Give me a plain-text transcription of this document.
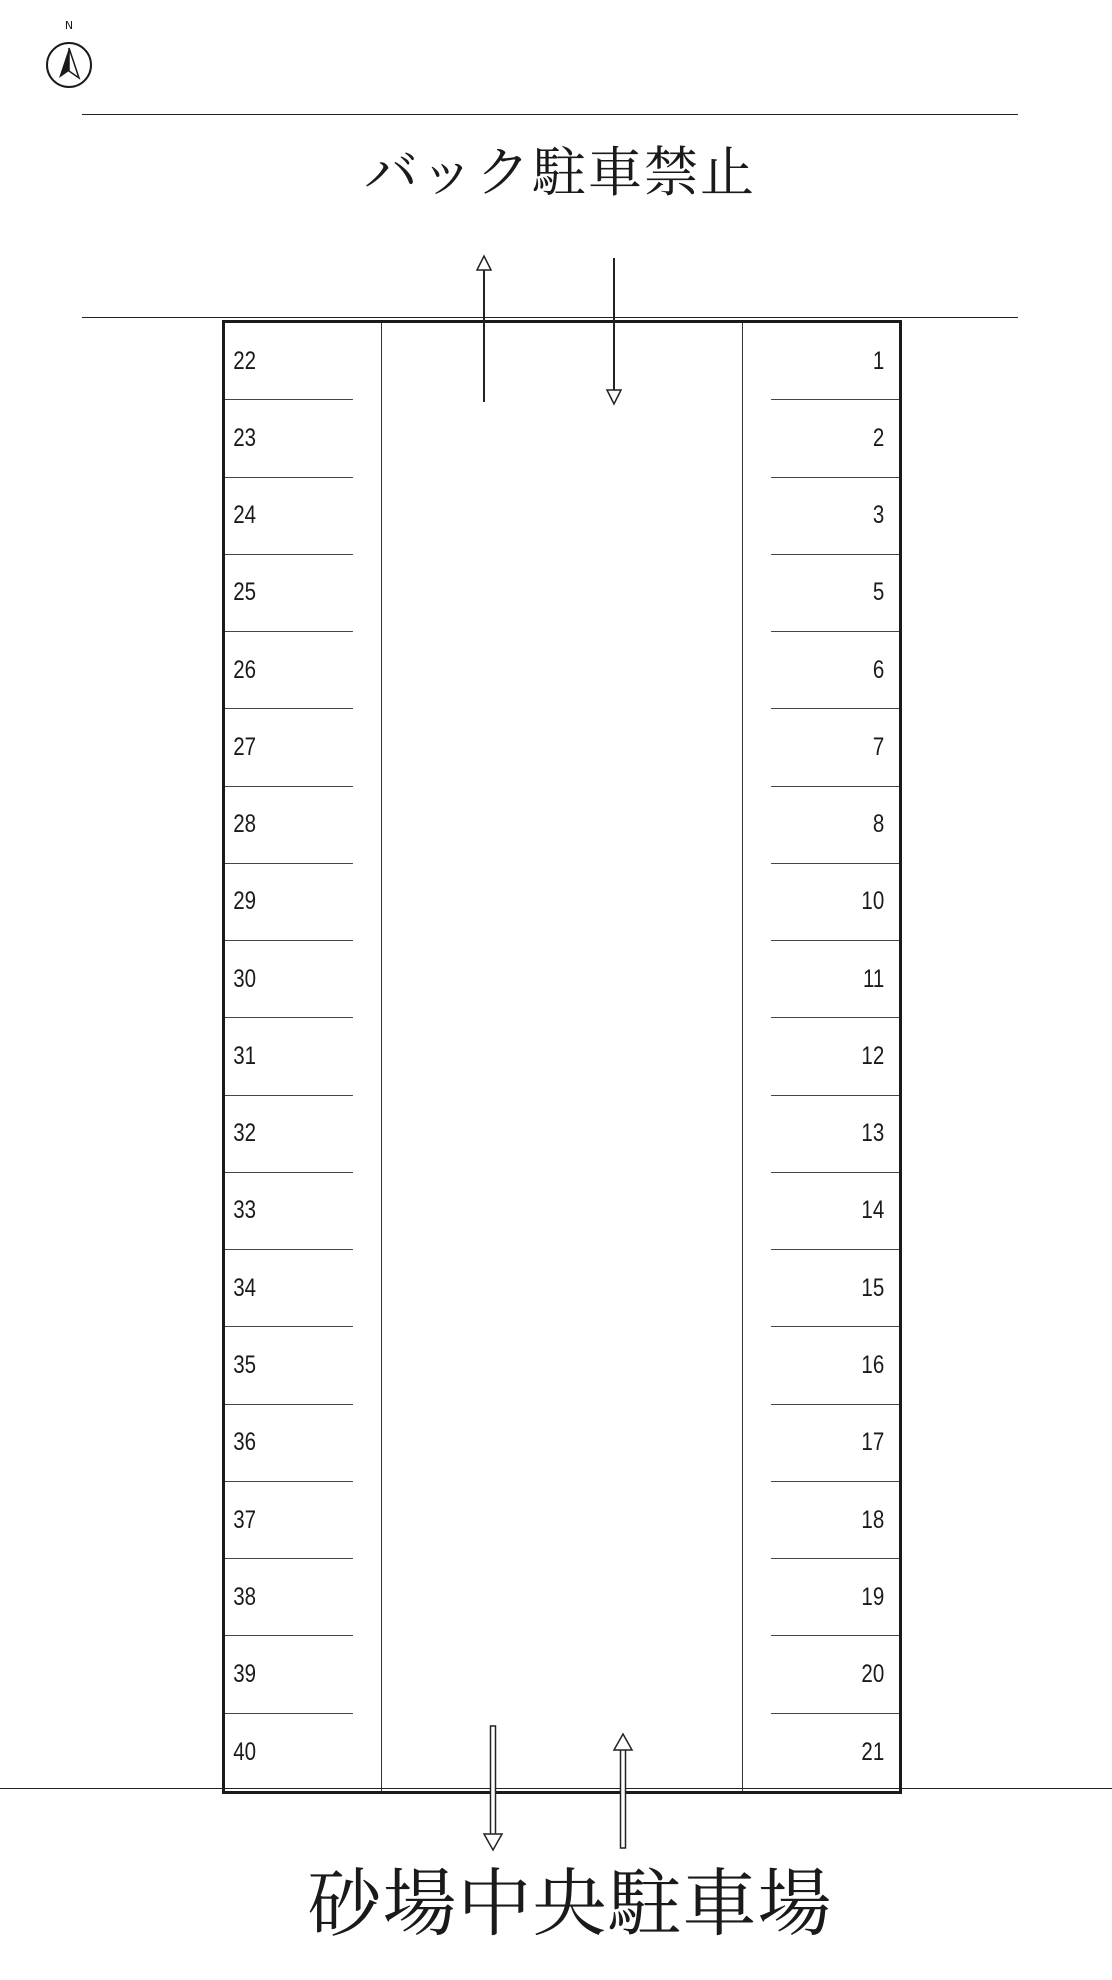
N
バック駐車禁止
22
23
24
25
26
27
28
29
30
31
32
33
34
35
36
37
38
39
40
1
2
3
5
6
7
8
10
11
12
13
14
15
16
17
18
19
20
21
砂場中央駐車場
